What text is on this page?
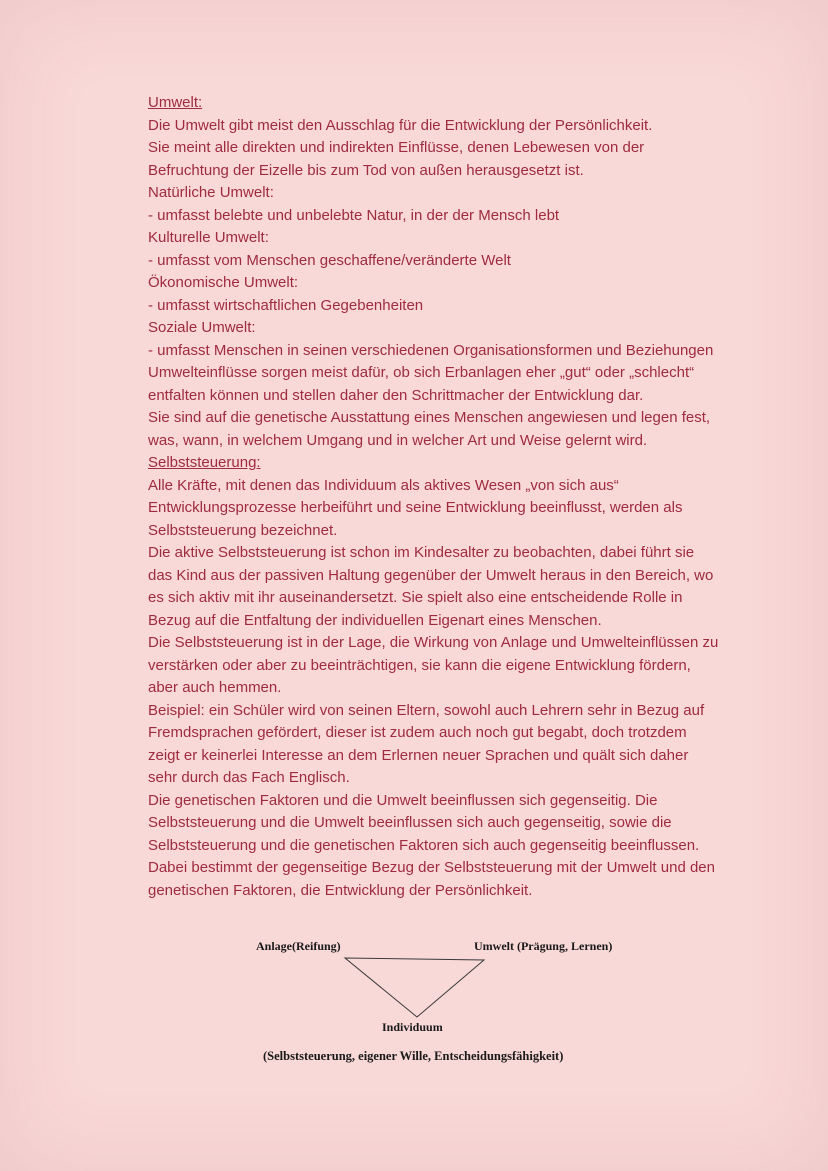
Umwelt:
Die Umwelt gibt meist den Ausschlag für die Entwicklung der Persönlichkeit.
Sie meint alle direkten und indirekten Einflüsse, denen Lebewesen von der
Befruchtung der Eizelle bis zum Tod von außen herausgesetzt ist.
Natürliche Umwelt:
- umfasst belebte und unbelebte Natur, in der der Mensch lebt
Kulturelle Umwelt:
- umfasst vom Menschen geschaffene/veränderte Welt
Ökonomische Umwelt:
- umfasst wirtschaftlichen Gegebenheiten
Soziale Umwelt:
- umfasst Menschen in seinen verschiedenen Organisationsformen und Beziehungen
Umwelteinflüsse sorgen meist dafür, ob sich Erbanlagen eher „gut“ oder „schlecht“
entfalten können und stellen daher den Schrittmacher der Entwicklung dar.
Sie sind auf die genetische Ausstattung eines Menschen angewiesen und legen fest,
was, wann, in welchem Umgang und in welcher Art und Weise gelernt wird.
Selbststeuerung:
Alle Kräfte, mit denen das Individuum als aktives Wesen „von sich aus“
Entwicklungsprozesse herbeiführt und seine Entwicklung beeinflusst, werden als
Selbststeuerung bezeichnet.
Die aktive Selbststeuerung ist schon im Kindesalter zu beobachten, dabei führt sie
das Kind aus der passiven Haltung gegenüber der Umwelt heraus in den Bereich, wo
es sich aktiv mit ihr auseinandersetzt. Sie spielt also eine entscheidende Rolle in
Bezug auf die Entfaltung der individuellen Eigenart eines Menschen.
Die Selbststeuerung ist in der Lage, die Wirkung von Anlage und Umwelteinflüssen zu
verstärken oder aber zu beeinträchtigen, sie kann die eigene Entwicklung fördern,
aber auch hemmen.
Beispiel: ein Schüler wird von seinen Eltern, sowohl auch Lehrern sehr in Bezug auf
Fremdsprachen gefördert, dieser ist zudem auch noch gut begabt, doch trotzdem
zeigt er keinerlei Interesse an dem Erlernen neuer Sprachen und quält sich daher
sehr durch das Fach Englisch.
Die genetischen Faktoren und die Umwelt beeinflussen sich gegenseitig. Die
Selbststeuerung und die Umwelt beeinflussen sich auch gegenseitig, sowie die
Selbststeuerung und die genetischen Faktoren sich auch gegenseitig beeinflussen.
Dabei bestimmt der gegenseitige Bezug der Selbststeuerung mit der Umwelt und den
genetischen Faktoren, die Entwicklung der Persönlichkeit.
Anlage(Reifung)	Umwelt (Prägung, Lernen)
Individuum
(Selbststeuerung, eigener Wille, Entscheidungsfähigkeit)
